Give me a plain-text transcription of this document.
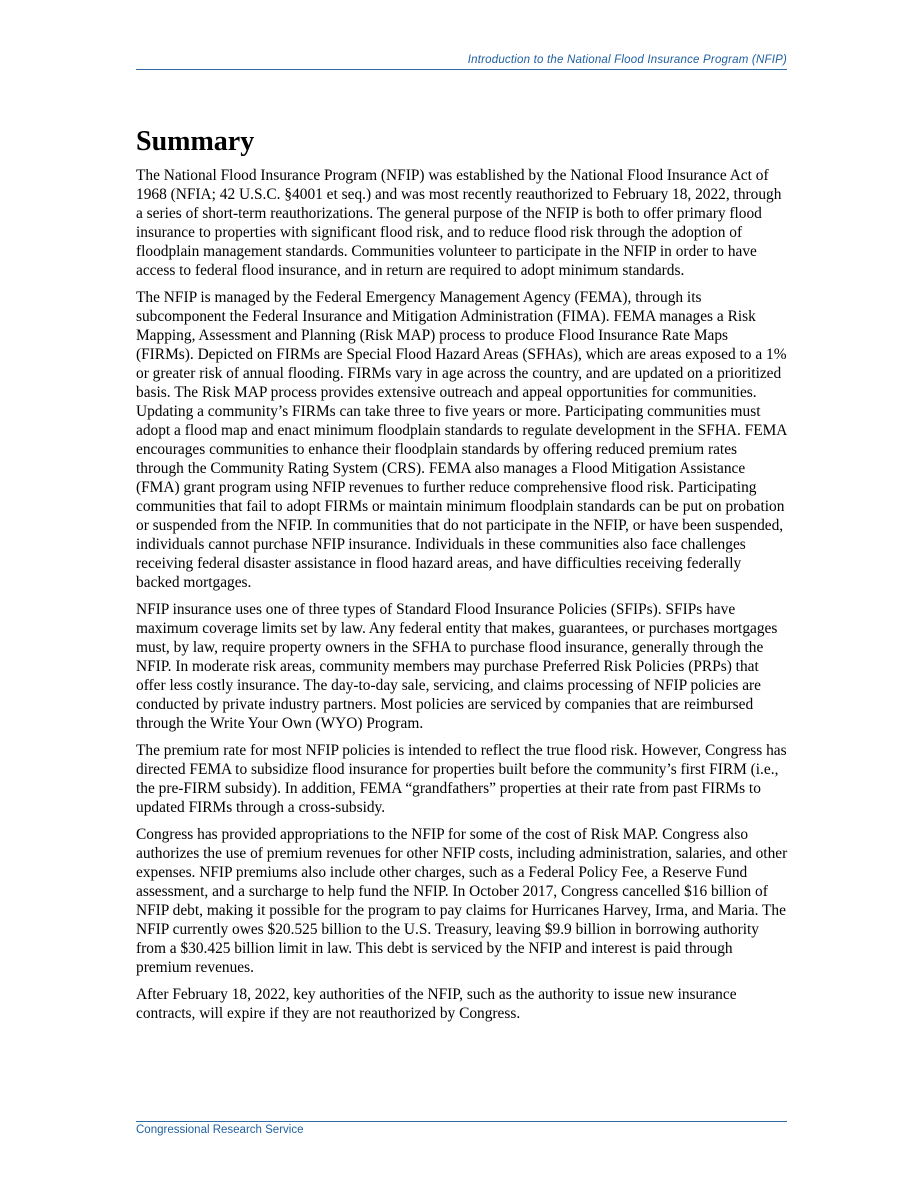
Introduction to the National Flood Insurance Program (NFIP)
Summary

The National Flood Insurance Program (NFIP) was established by the National Flood Insurance Act of 1968 (NFIA; 42 U.S.C. §4001 et seq.) and was most recently reauthorized to February 18, 2022, through a series of short-term reauthorizations. The general purpose of the NFIP is both to offer primary flood insurance to properties with significant flood risk, and to reduce flood risk through the adoption of floodplain management standards. Communities volunteer to participate in the NFIP in order to have access to federal flood insurance, and in return are required to adopt minimum standards.

The NFIP is managed by the Federal Emergency Management Agency (FEMA), through its subcomponent the Federal Insurance and Mitigation Administration (FIMA). FEMA manages a Risk Mapping, Assessment and Planning (Risk MAP) process to produce Flood Insurance Rate Maps (FIRMs). Depicted on FIRMs are Special Flood Hazard Areas (SFHAs), which are areas exposed to a 1% or greater risk of annual flooding. FIRMs vary in age across the country, and are updated on a prioritized basis. The Risk MAP process provides extensive outreach and appeal opportunities for communities. Updating a community’s FIRMs can take three to five years or more. Participating communities must adopt a flood map and enact minimum floodplain standards to regulate development in the SFHA. FEMA encourages communities to enhance their floodplain standards by offering reduced premium rates through the Community Rating System (CRS). FEMA also manages a Flood Mitigation Assistance (FMA) grant program using NFIP revenues to further reduce comprehensive flood risk. Participating communities that fail to adopt FIRMs or maintain minimum floodplain standards can be put on probation or suspended from the NFIP. In communities that do not participate in the NFIP, or have been suspended, individuals cannot purchase NFIP insurance. Individuals in these communities also face challenges receiving federal disaster assistance in flood hazard areas, and have difficulties receiving federally backed mortgages.

NFIP insurance uses one of three types of Standard Flood Insurance Policies (SFIPs). SFIPs have maximum coverage limits set by law. Any federal entity that makes, guarantees, or purchases mortgages must, by law, require property owners in the SFHA to purchase flood insurance, generally through the NFIP. In moderate risk areas, community members may purchase Preferred Risk Policies (PRPs) that offer less costly insurance. The day-to-day sale, servicing, and claims processing of NFIP policies are conducted by private industry partners. Most policies are serviced by companies that are reimbursed through the Write Your Own (WYO) Program.

The premium rate for most NFIP policies is intended to reflect the true flood risk. However, Congress has directed FEMA to subsidize flood insurance for properties built before the community’s first FIRM (i.e., the pre-FIRM subsidy). In addition, FEMA “grandfathers” properties at their rate from past FIRMs to updated FIRMs through a cross-subsidy.

Congress has provided appropriations to the NFIP for some of the cost of Risk MAP. Congress also authorizes the use of premium revenues for other NFIP costs, including administration, salaries, and other expenses. NFIP premiums also include other charges, such as a Federal Policy Fee, a Reserve Fund assessment, and a surcharge to help fund the NFIP. In October 2017, Congress cancelled $16 billion of NFIP debt, making it possible for the program to pay claims for Hurricanes Harvey, Irma, and Maria. The NFIP currently owes $20.525 billion to the U.S. Treasury, leaving $9.9 billion in borrowing authority from a $30.425 billion limit in law. This debt is serviced by the NFIP and interest is paid through premium revenues.

After February 18, 2022, key authorities of the NFIP, such as the authority to issue new insurance contracts, will expire if they are not reauthorized by Congress.

Congressional Research Service
